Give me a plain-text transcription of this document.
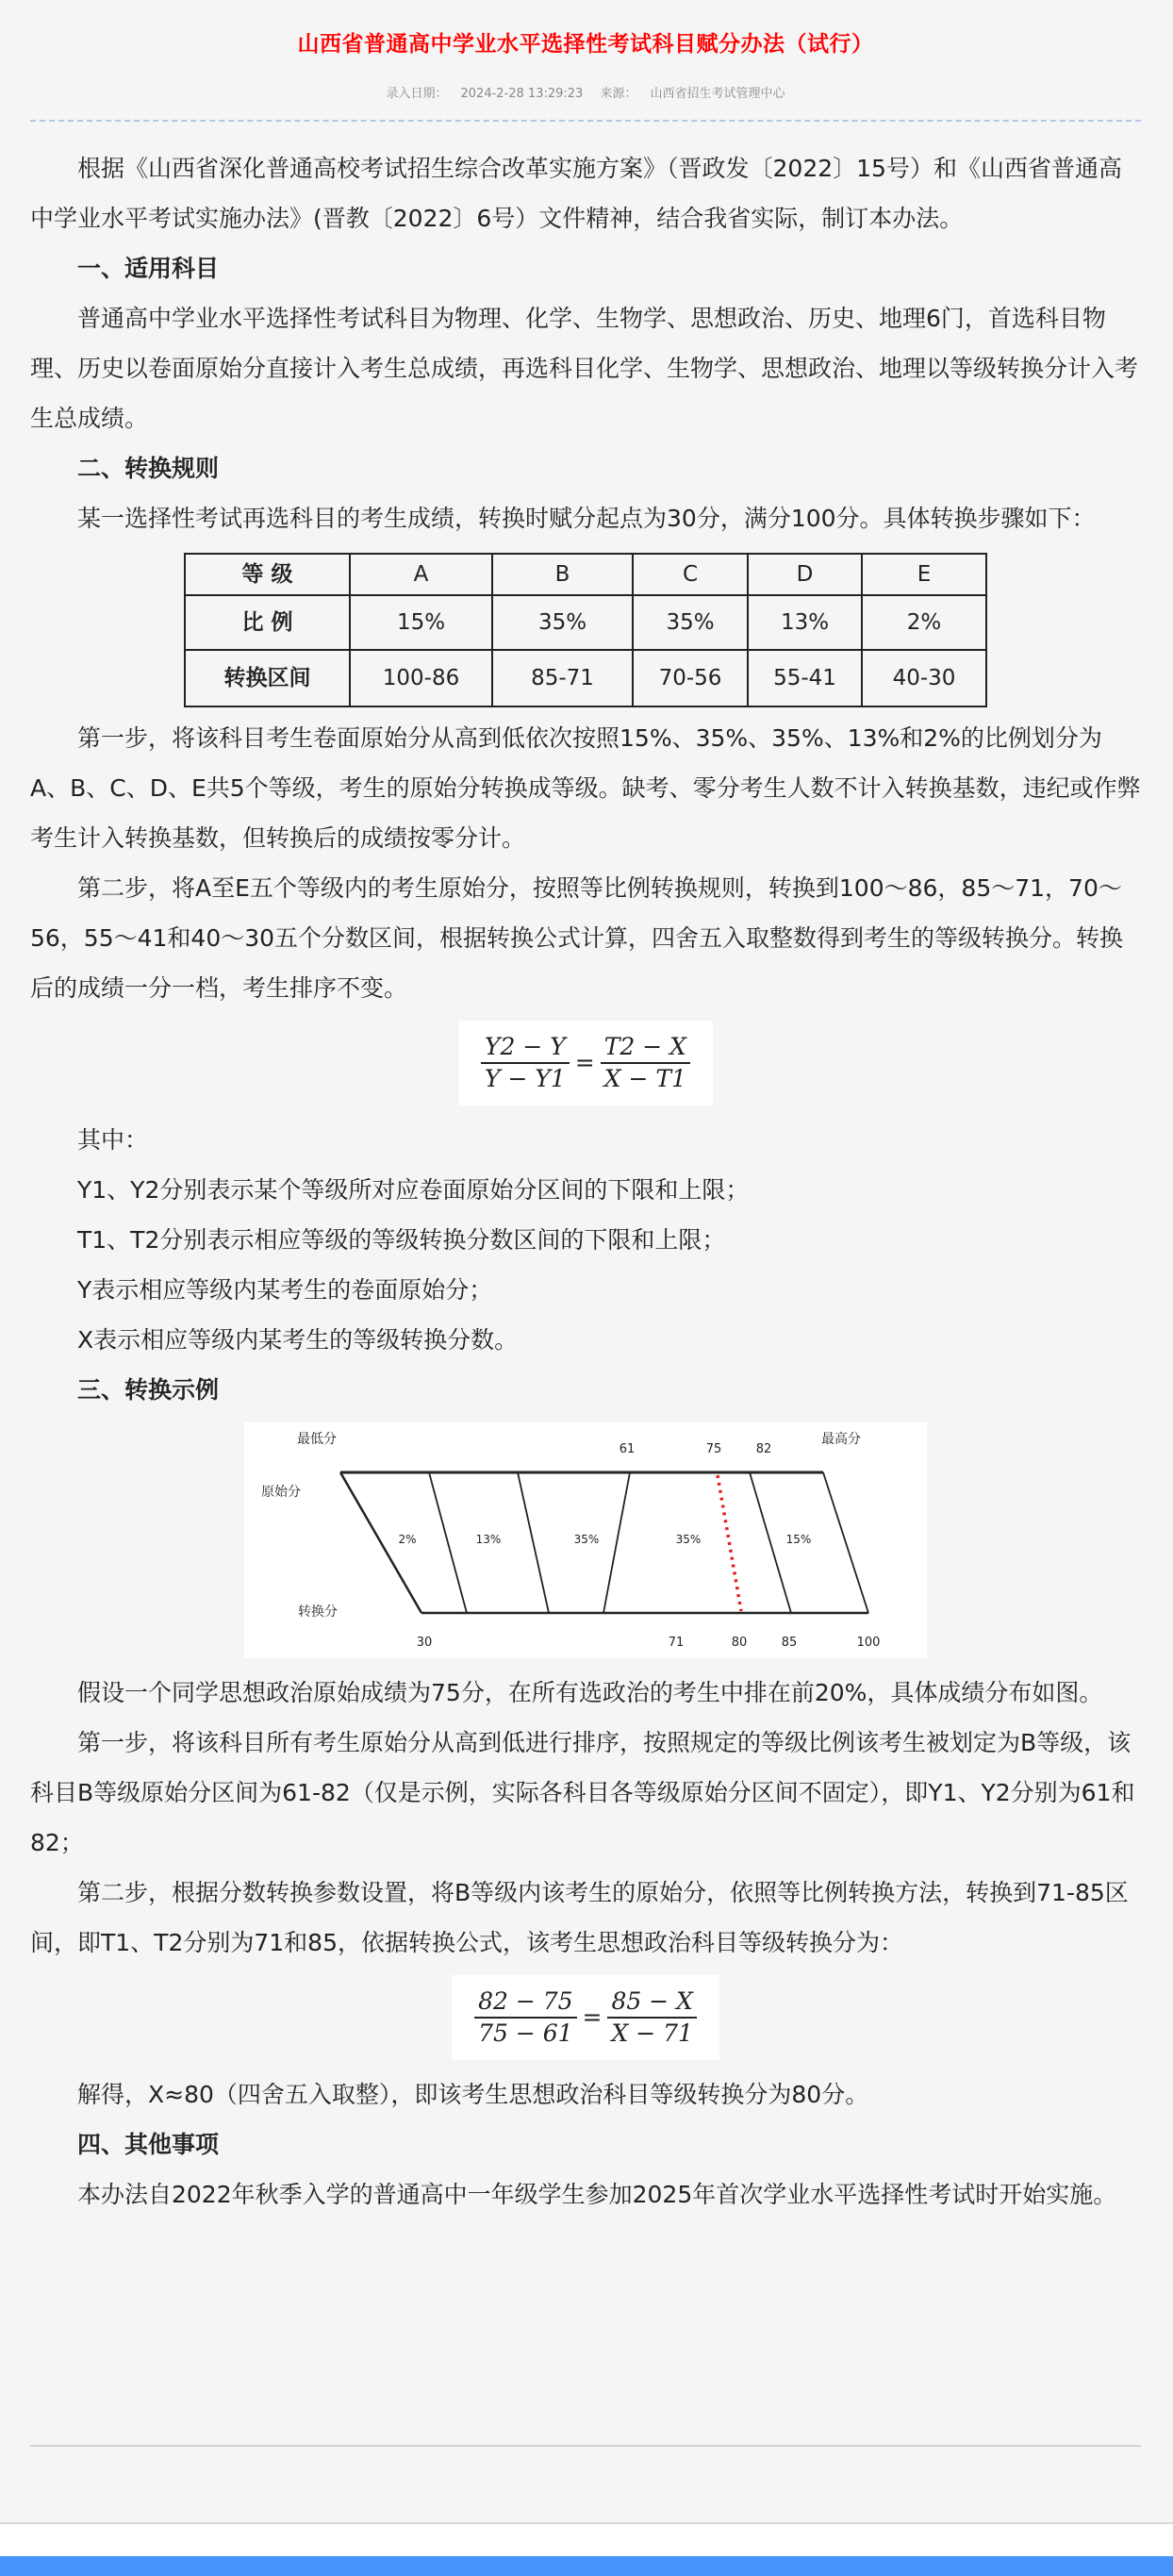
山西省普通高中学业水平选择性考试科目赋分办法（试行）
录入日期： 2024-2-28 13:29:23 来源： 山西省招生考试管理中心

根据《山西省深化普通高校考试招生综合改革实施方案》（晋政发〔2022〕15号）和《山西省普通高中学业水平考试实施办法》(晋教〔2022〕6号）文件精神，结合我省实际，制订本办法。

一、适用科目

普通高中学业水平选择性考试科目为物理、化学、生物学、思想政治、历史、地理6门，首选科目物理、历史以卷面原始分直接计入考生总成绩，再选科目化学、生物学、思想政治、地理以等级转换分计入考生总成绩。

二、转换规则

某一选择性考试再选科目的考生成绩，转换时赋分起点为30分，满分100分。具体转换步骤如下：

等 级	A	B	C	D	E
比 例	15%	35%	35%	13%	2%
转换区间	100-86	85-71	70-56	55-41	40-30

第一步，将该科目考生卷面原始分从高到低依次按照15%、35%、35%、13%和2%的比例划分为A、B、C、D、E共5个等级，考生的原始分转换成等级。缺考、零分考生人数不计入转换基数，违纪或作弊考生计入转换基数，但转换后的成绩按零分计。

第二步，将A至E五个等级内的考生原始分，按照等比例转换规则，转换到100～86，85～71，70～56，55～41和40～30五个分数区间，根据转换公式计算，四舍五入取整数得到考生的等级转换分。转换后的成绩一分一档，考生排序不变。

$\frac{Y2 - Y}{Y - Y1} = \frac{T2 - X}{X - T1}$

其中：

Y1、Y2分别表示某个等级所对应卷面原始分区间的下限和上限；

T1、T2分别表示相应等级的等级转换分数区间的下限和上限；

Y表示相应等级内某考生的卷面原始分；

X表示相应等级内某考生的等级转换分数。

三、转换示例
最低分	最高分
原始分
转换分
61	75	82
30	71	80	85	100
2%	13%	35%	35%	15%

假设一个同学思想政治原始成绩为75分，在所有选政治的考生中排在前20%，具体成绩分布如图。

第一步，将该科目所有考生原始分从高到低进行排序，按照规定的等级比例该考生被划定为B等级，该科目B等级原始分区间为61-82（仅是示例，实际各科目各等级原始分区间不固定），即Y1、Y2分别为61和82；

第二步，根据分数转换参数设置，将B等级内该考生的原始分，依照等比例转换方法，转换到71-85区间，即T1、T2分别为71和85，依据转换公式，该考生思想政治科目等级转换分为：

$\frac{82 - 75}{75 - 61} = \frac{85 - X}{X - 71}$

解得，X≈80（四舍五入取整），即该考生思想政治科目等级转换分为80分。

四、其他事项

本办法自2022年秋季入学的普通高中一年级学生参加2025年首次学业水平选择性考试时开始实施。
